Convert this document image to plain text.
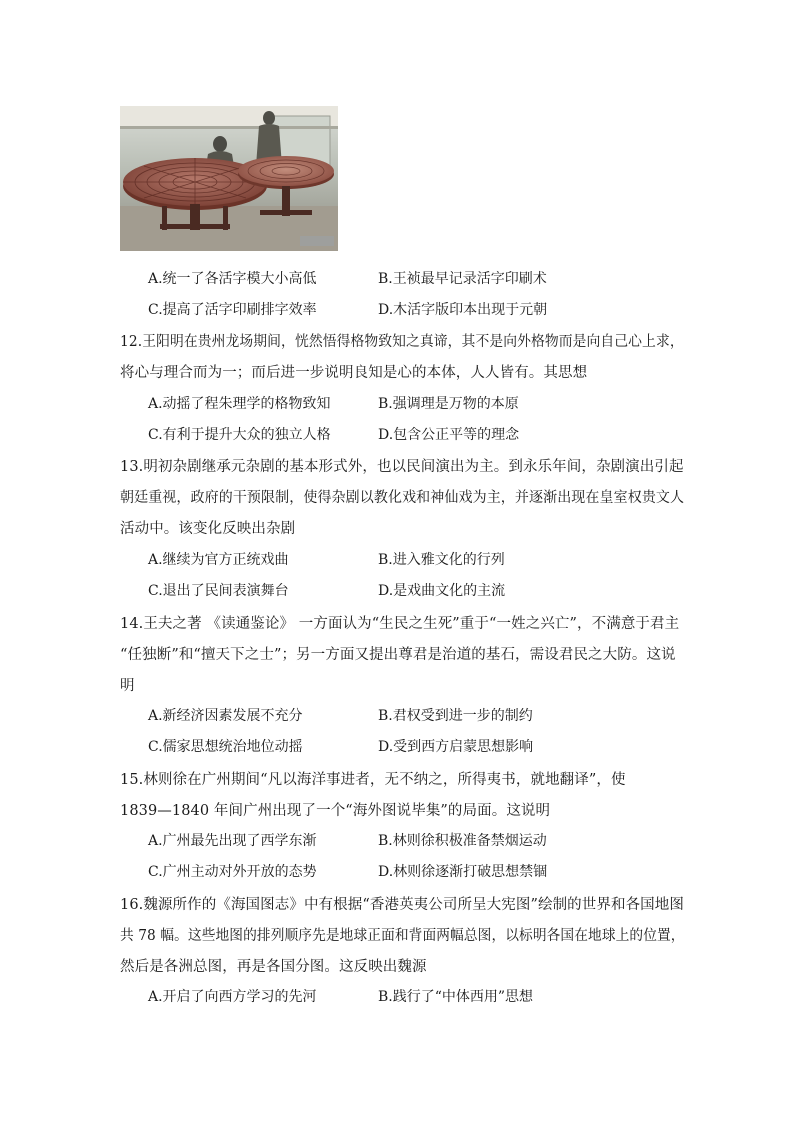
A.统一了各活字模大小高低	B.王祯最早记录活字印刷术
C.提高了活字印刷排字效率	D.木活字版印本出现于元朝
12.王阳明在贵州龙场期间，恍然悟得格物致知之真谛，其不是向外格物而是向自己心上求，
将心与理合而为一；而后进一步说明良知是心的本体，人人皆有。其思想
A.动摇了程朱理学的格物致知	B.强调理是万物的本原
C.有利于提升大众的独立人格	D.包含公正平等的理念
13.明初杂剧继承元杂剧的基本形式外，也以民间演出为主。到永乐年间，杂剧演出引起
朝廷重视，政府的干预限制，使得杂剧以教化戏和神仙戏为主，并逐渐出现在皇室权贵文人
活动中。该变化反映出杂剧
A.继续为官方正统戏曲	B.进入雅文化的行列
C.退出了民间表演舞台	D.是戏曲文化的主流
14.王夫之著 《读通鉴论》 一方面认为“生民之生死”重于“一姓之兴亡”，不满意于君主
“任独断”和“擅天下之士”；另一方面又提出尊君是治道的基石，需设君民之大防。这说
明
A.新经济因素发展不充分	B.君权受到进一步的制约
C.儒家思想统治地位动摇	D.受到西方启蒙思想影响
15.林则徐在广州期间“凡以海洋事进者，无不纳之，所得夷书，就地翻译”，使
1839—1840 年间广州出现了一个“海外图说毕集”的局面。这说明
A.广州最先出现了西学东渐	B.林则徐积极准备禁烟运动
C.广州主动对外开放的态势	D.林则徐逐渐打破思想禁锢
16.魏源所作的《海国图志》中有根据“香港英夷公司所呈大宪图”绘制的世界和各国地图
共 78 幅。这些地图的排列顺序先是地球正面和背面两幅总图，以标明各国在地球上的位置，
然后是各洲总图，再是各国分图。这反映出魏源
A.开启了向西方学习的先河	B.践行了“中体西用”思想
